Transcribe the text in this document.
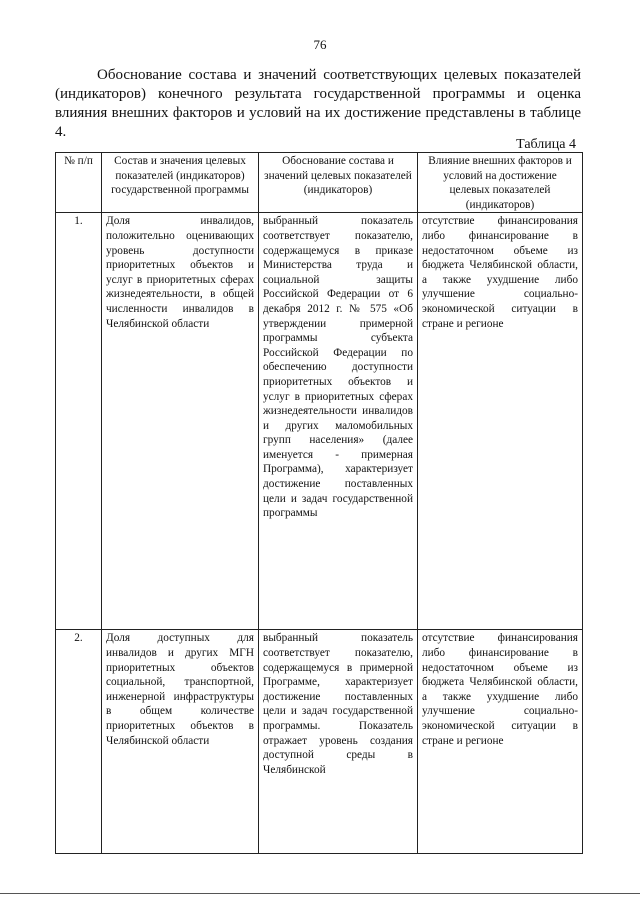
76

Обоснование состава и значений соответствующих целевых показателей (индикаторов) конечного результата государственной программы и оценка влияния внешних факторов и условий на их достижение представлены в таблице 4.

Таблица 4
№ п/п	Состав и значения целевых показателей (индикаторов) государственной программы	Обоснование состава и значений целевых показателей (индикаторов)	Влияние внешних факторов и условий на достижение целевых показателей (индикаторов)
1.	Доля инвалидов, положительно оценивающих уровень доступности приоритетных объектов и услуг в приоритетных сферах жизнедеятельности, в общей численности инвалидов в Челябинской области	выбранный показатель соответствует показателю, содержащемуся в приказе Министерства труда и социальной защиты Российской Федерации от 6 декабря 2012 г. № 575 «Об утверждении примерной программы субъекта Российской Федерации по обеспечению доступности приоритетных объектов и услуг в приоритетных сферах жизнедеятельности инвалидов и других маломобильных групп населения» (далее именуется - примерная Программа), характеризует достижение поставленных цели и задач государственной программы	отсутствие финансирования либо финансирование в недостаточном объеме из бюджета Челябинской области, а также ухудшение либо улучшение социально-экономической ситуации в стране и регионе
2.	Доля доступных для инвалидов и других МГН приоритетных объектов социальной, транспортной, инженерной инфраструктуры в общем количестве приоритетных объектов в Челябинской области	выбранный показатель соответствует показателю, содержащемуся в примерной Программе, характеризует достижение поставленных цели и задач государственной программы. Показатель отражает уровень создания доступной среды в Челябинской	отсутствие финансирования либо финансирование в недостаточном объеме из бюджета Челябинской области, а также ухудшение либо улучшение социально-экономической ситуации в стране и регионе
